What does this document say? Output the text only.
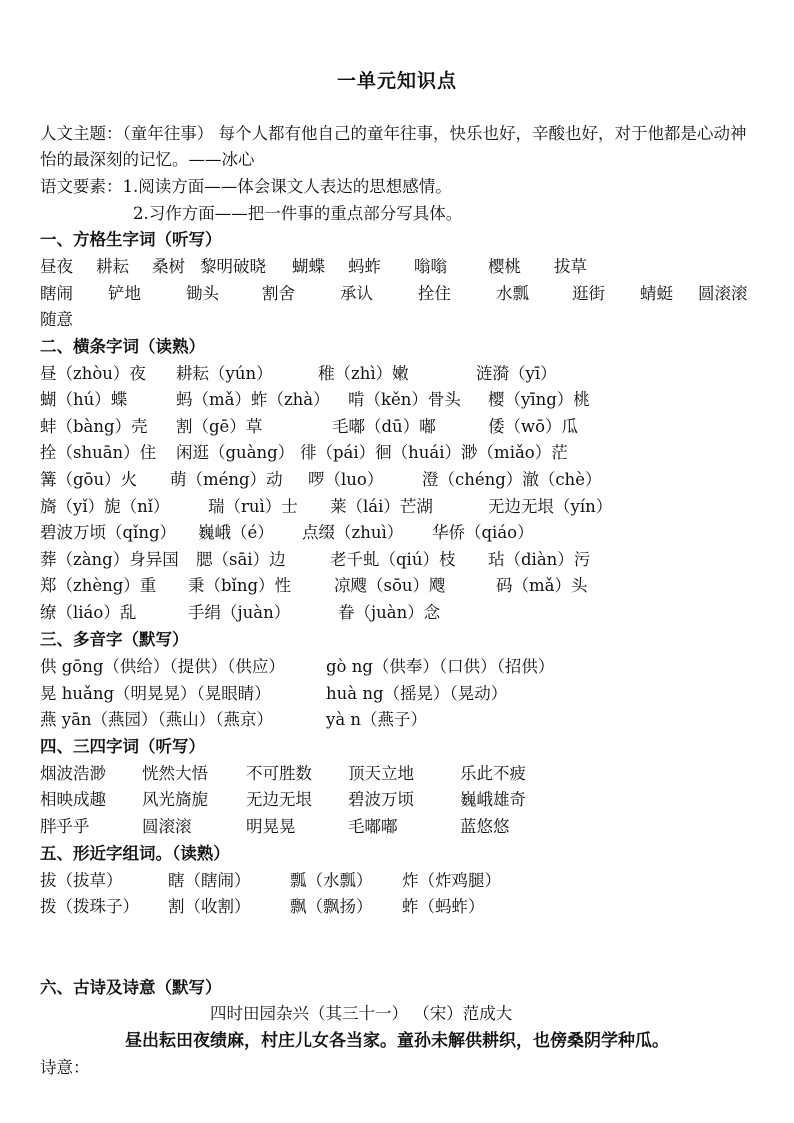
一单元知识点
人文主题：（童年往事） 每个人都有他自己的童年往事，快乐也好，辛酸也好，对于他都是心动神怡的最深刻的记忆。——冰心
语文要素：1.阅读方面——体会课文人表达的思想感情。
2.习作方面——把一件事的重点部分写具体。
一、方格生字词（听写）
昼夜 耕耘 桑树 黎明破晓 蝴蝶 蚂蚱 嗡嗡 樱桃 拔草
瞎闹 铲地	锄头	割舍	承认	拴住	水瓢	逛街 蜻蜓 圆滚滚
随意
二、横条字词（读熟）
昼（zhòu）夜 耕耘（yún）	稚（zhì）嫩	涟漪（yī）
蝴（hú）蝶	蚂（mǎ）蚱（zhà） 啃（kěn）骨头 樱（yīng）桃
蚌（bàng）壳 割（gē）草	毛嘟（dū）嘟	倭（wō）瓜
拴（shuān）住 闲逛（guàng） 徘（pái）徊（huái）渺（miǎo）茫
篝（gōu）火 萌（méng）动 啰（luo） 澄（chéng）澈（chè）
旖（yǐ）旎（nǐ） 瑞（ruì）士 莱（lái）芒湖	无边无垠（yín）
碧波万顷（qǐng） 巍峨（é） 点缀（zhuì） 华侨（qiáo）
葬（zàng）身异国 腮（sāi）边	老千虬（qiú）枝 玷（diàn）污
郑（zhèng）重 秉（bǐng）性	凉飕（sōu）飕	码（mǎ）头
缭（liáo）乱	手绢（juàn）	眷（juàn）念
三、多音字（默写）
供 gōng（供给）（提供）（供应） gò ng（供奉）（口供）（招供）
晃 huǎng（明晃晃）（晃眼睛）	huà ng（摇晃）（晃动）
燕 yān（燕园）（燕山）（燕京）	yà n（燕子）
四、三四字词（听写）
烟波浩渺 恍然大悟 不可胜数 顶天立地	乐此不疲
相映成趣 风光旖旎 无边无垠 碧波万顷	巍峨雄奇
胖乎乎	圆滚滚	明晃晃	毛嘟嘟	蓝悠悠
五、形近字组词。（读熟）
拔（拔草）	瞎（瞎闹） 瓢（水瓢） 炸（炸鸡腿）
拨（拨珠子） 割（收割） 飘（飘扬） 蚱（蚂蚱）
六、古诗及诗意（默写）
四时田园杂兴（其三十一） （宋）范成大
昼出耘田夜绩麻，村庄儿女各当家。童孙未解供耕织，也傍桑阴学种瓜。
诗意：
